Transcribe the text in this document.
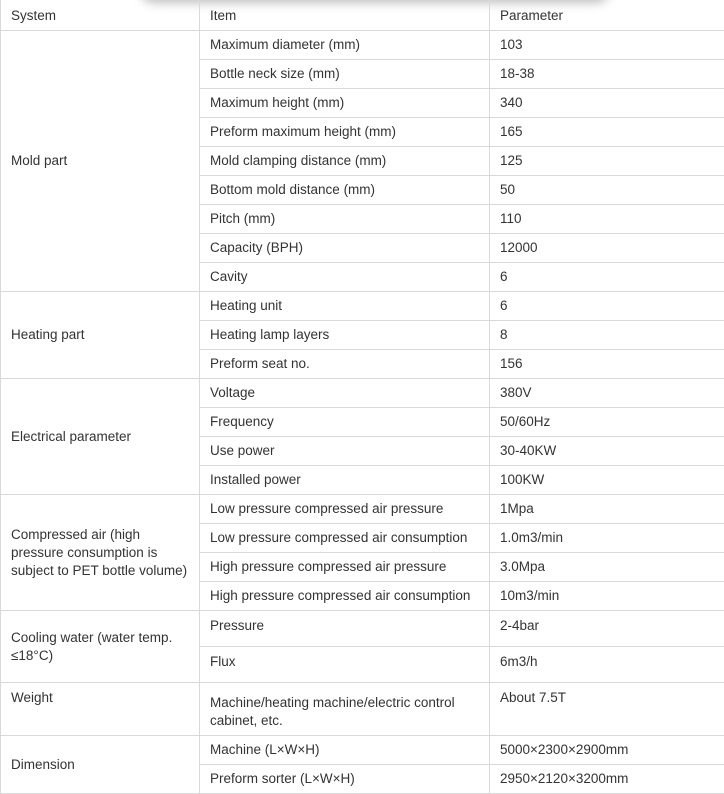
System	Item	Parameter
Mold part	Maximum diameter (mm)	103
	Bottle neck size (mm)	18-38
	Maximum height (mm)	340
	Preform maximum height (mm)	165
	Mold clamping distance (mm)	125
	Bottom mold distance (mm)	50
	Pitch (mm)	110
	Capacity (BPH)	12000
	Cavity	6
Heating part	Heating unit	6
	Heating lamp layers	8
	Preform seat no.	156
Electrical parameter	Voltage	380V
	Frequency	50/60Hz
	Use power	30-40KW
	Installed power	100KW
Compressed air (high pressure consumption is subject to PET bottle volume)	Low pressure compressed air pressure	1Mpa
	Low pressure compressed air consumption	1.0m3/min
	High pressure compressed air pressure	3.0Mpa
	High pressure compressed air consumption	10m3/min
Cooling water (water temp. ≤18°C)	Pressure	2-4bar
	Flux	6m3/h
Weight	Machine/heating machine/electric control cabinet, etc.	About 7.5T
Dimension	Machine (L×W×H)	5000×2300×2900mm
	Preform sorter (L×W×H)	2950×2120×3200mm
